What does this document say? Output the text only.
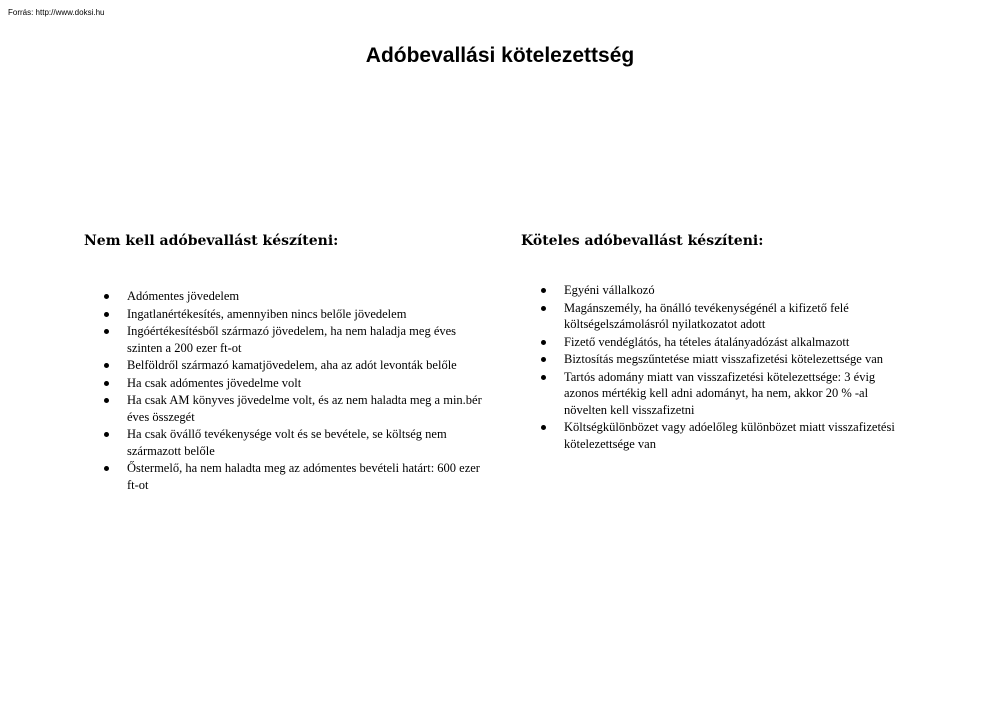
Forrás: http://www.doksi.hu
Adóbevallási kötelezettség
Nem kell adóbevallást készíteni:
Adómentes jövedelem
Ingatlanértékesítés, amennyiben nincs belőle jövedelem
Ingóértékesítésből származó jövedelem, ha nem haladja meg éves szinten a 200 ezer ft-ot
Belföldről származó kamatjövedelem, aha az adót levonták belőle
Ha csak adómentes jövedelme volt
Ha csak AM könyves jövedelme volt, és az nem haladta meg a min.bér éves összegét
Ha csak övállő tevékenysége volt és se bevétele, se költség nem származott belőle
Őstermelő, ha nem haladta meg az adómentes bevételi határt: 600 ezer ft-ot
Köteles adóbevallást készíteni:
Egyéni vállalkozó
Magánszemély, ha önálló tevékenységénél a kifizető felé költségelszámolásról nyilatkozatot adott
Fizető vendéglátós, ha tételes átalányadózást alkalmazott
Biztosítás megszűntetése miatt visszafizetési kötelezettsége van
Tartós adomány miatt van visszafizetési kötelezettsége: 3 évig azonos mértékig kell adni adományt, ha nem, akkor 20 % -al növelten kell visszafizetni
Költségkülönbözet vagy adóelőleg különbözet miatt visszafizetési kötelezettsége van
